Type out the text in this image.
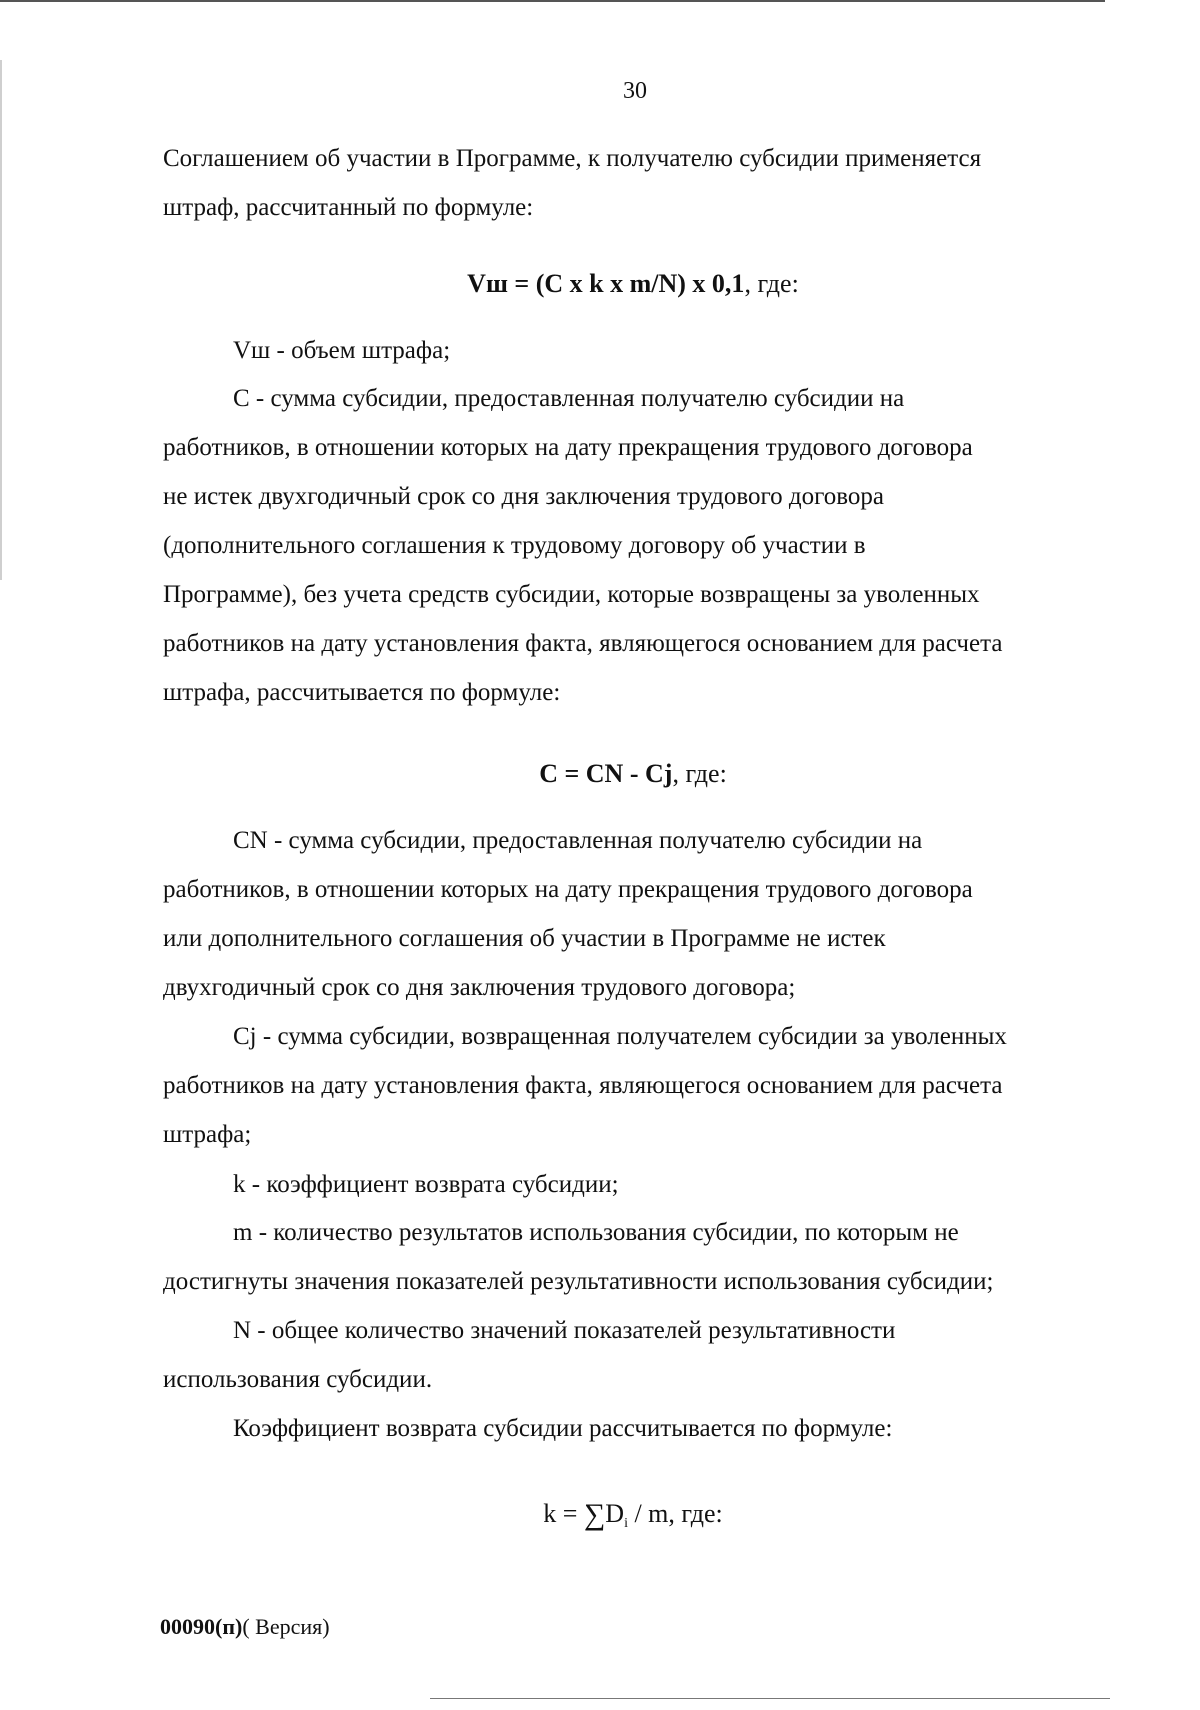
30

Соглашением об участии в Программе, к получателю субсидии применяется

штраф, рассчитанный по формуле:

Vш = (C x k x m/N) x 0,1, где:

Vш - объем штрафа;

С - сумма субсидии, предоставленная получателю субсидии на

работников, в отношении которых на дату прекращения трудового договора

не истек двухгодичный срок со дня заключения трудового договора

(дополнительного соглашения к трудовому договору об участии в

Программе), без учета средств субсидии, которые возвращены за уволенных

работников на дату установления факта, являющегося основанием для расчета

штрафа, рассчитывается по формуле:

C = CN - Cj, где:

CN - сумма субсидии, предоставленная получателю субсидии на

работников, в отношении которых на дату прекращения трудового договора

или дополнительного соглашения об участии в Программе не истек

двухгодичный срок со дня заключения трудового договора;

Cj - сумма субсидии, возвращенная получателем субсидии за уволенных

работников на дату установления факта, являющегося основанием для расчета

штрафа;

k - коэффициент возврата субсидии;

m - количество результатов использования субсидии, по которым не

достигнуты значения показателей результативности использования субсидии;

N - общее количество значений показателей результативности

использования субсидии.

Коэффициент возврата субсидии рассчитывается по формуле:

$k = \sum D_i / m$, где:
00090(п)( Версия)
